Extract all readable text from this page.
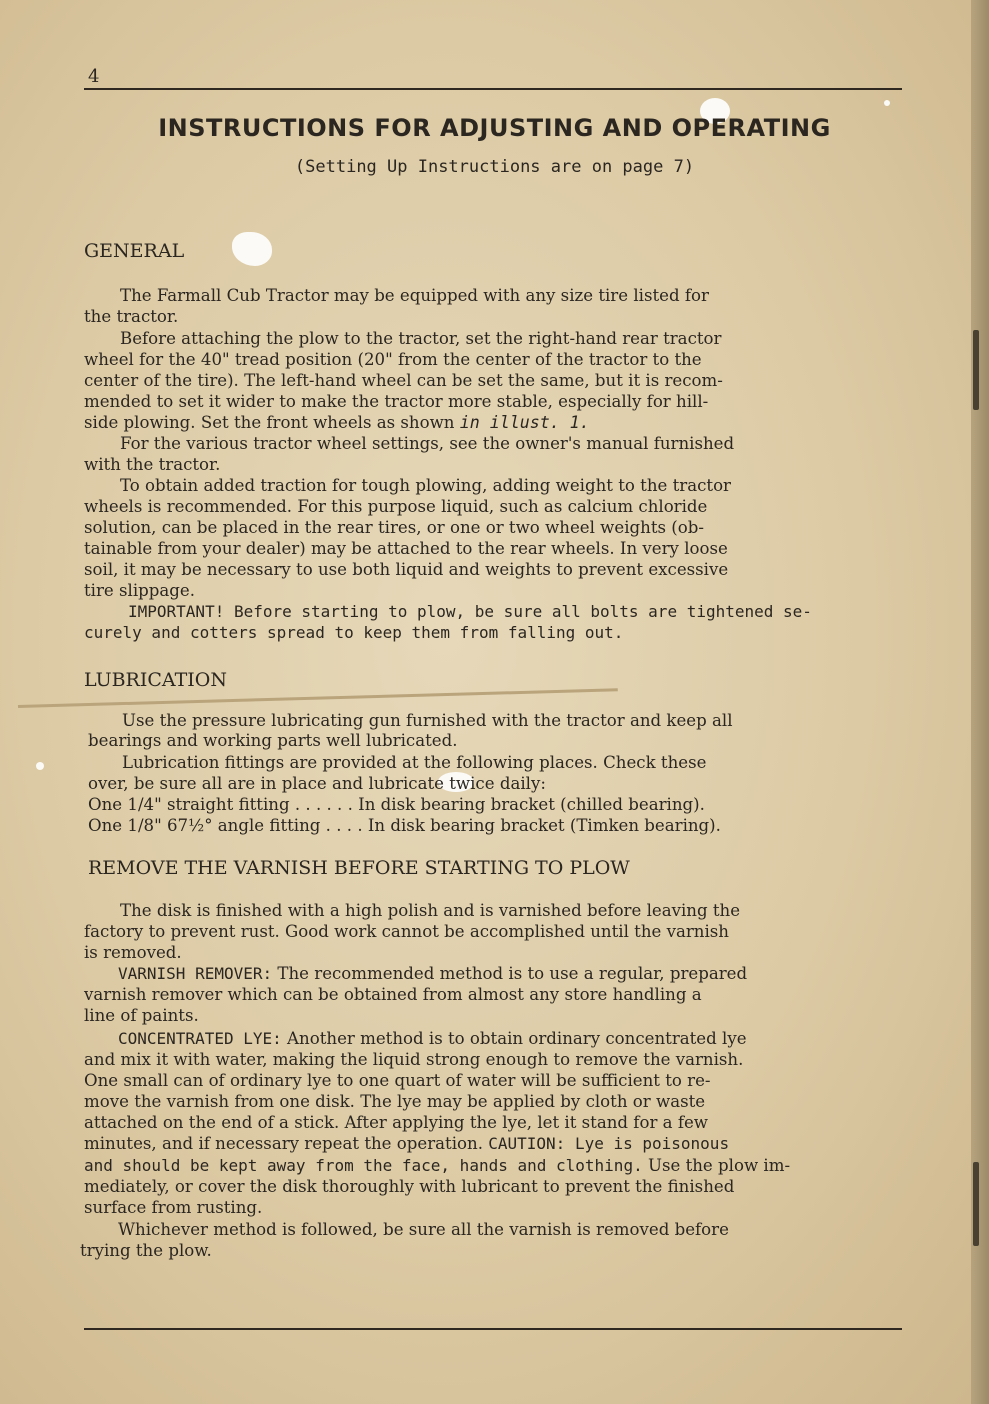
4
INSTRUCTIONS FOR ADJUSTING AND OPERATING
(Setting Up Instructions are on page 7)
GENERAL
The Farmall Cub Tractor may be equipped with any size tire listed for
the tractor.
Before attaching the plow to the tractor, set the right-hand rear tractor
wheel for the 40" tread position (20" from the center of the tractor to the
center of the tire). The left-hand wheel can be set the same, but it is recom-
mended to set it wider to make the tractor more stable, especially for hill-
side plowing. Set the front wheels as shown in illust. 1.
For the various tractor wheel settings, see the owner's manual furnished
with the tractor.
To obtain added traction for tough plowing, adding weight to the tractor
wheels is recommended. For this purpose liquid, such as calcium chloride
solution, can be placed in the rear tires, or one or two wheel weights (ob-
tainable from your dealer) may be attached to the rear wheels. In very loose
soil, it may be necessary to use both liquid and weights to prevent excessive
tire slippage.
IMPORTANT! Before starting to plow, be sure all bolts are tightened se-
curely and cotters spread to keep them from falling out.
LUBRICATION
Use the pressure lubricating gun furnished with the tractor and keep all
bearings and working parts well lubricated.
Lubrication fittings are provided at the following places. Check these
over, be sure all are in place and lubricate twice daily:
One 1/4" straight fitting . . . . . . In disk bearing bracket (chilled bearing).
One 1/8" 67½° angle fitting . . . . In disk bearing bracket (Timken bearing).
REMOVE THE VARNISH BEFORE STARTING TO PLOW
The disk is finished with a high polish and is varnished before leaving the
factory to prevent rust. Good work cannot be accomplished until the varnish
is removed.
VARNISH REMOVER: The recommended method is to use a regular, prepared
varnish remover which can be obtained from almost any store handling a
line of paints.
CONCENTRATED LYE: Another method is to obtain ordinary concentrated lye
and mix it with water, making the liquid strong enough to remove the varnish.
One small can of ordinary lye to one quart of water will be sufficient to re-
move the varnish from one disk. The lye may be applied by cloth or waste
attached on the end of a stick. After applying the lye, let it stand for a few
minutes, and if necessary repeat the operation. CAUTION: Lye is poisonous
and should be kept away from the face, hands and clothing. Use the plow im-
mediately, or cover the disk thoroughly with lubricant to prevent the finished
surface from rusting.
Whichever method is followed, be sure all the varnish is removed before
trying the plow.
